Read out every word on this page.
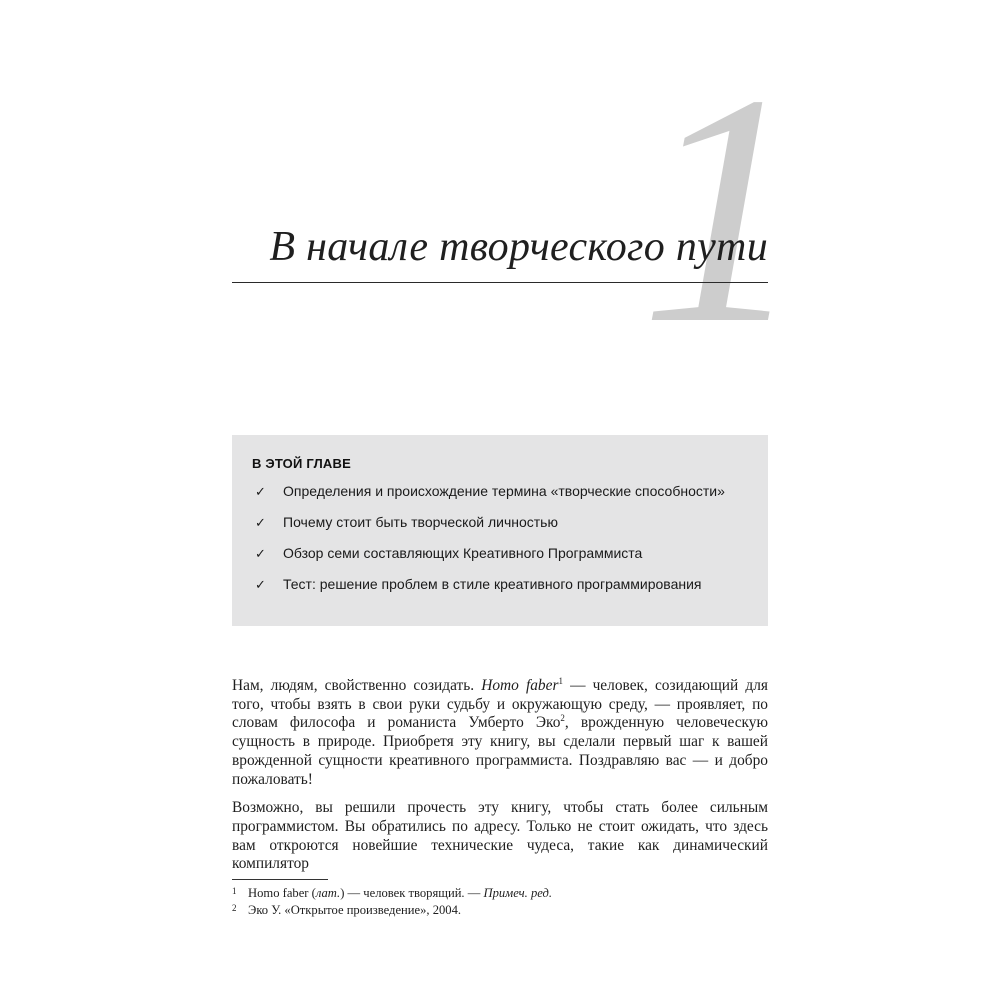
1
В начале творческого пути
В ЭТОЙ ГЛАВЕ
✓ Определения и происхождение термина «творческие способности»
✓ Почему стоит быть творческой личностью
✓ Обзор семи составляющих Креативного Программиста
✓ Тест: решение проблем в стиле креативного программирования

Нам, людям, свойственно созидать. Homo faber$^1$ — человек, созидающий для того, чтобы взять в свои руки судьбу и окружающую среду, — проявляет, по словам философа и романиста Умберто Эко$^2$, врожденную человеческую сущность в природе. Приобретя эту книгу, вы сделали первый шаг к вашей врожденной сущности креативного программиста. Поздравляю вас — и добро пожаловать!

Возможно, вы решили прочесть эту книгу, чтобы стать более сильным программистом. Вы обратились по адресу. Только не стоит ожидать, что здесь вам откроются новейшие технические чудеса, такие как динамический компилятор

1 Homo faber (лат.) — человек творящий. — Примеч. ред.
2 Эко У. «Открытое произведение», 2004.
